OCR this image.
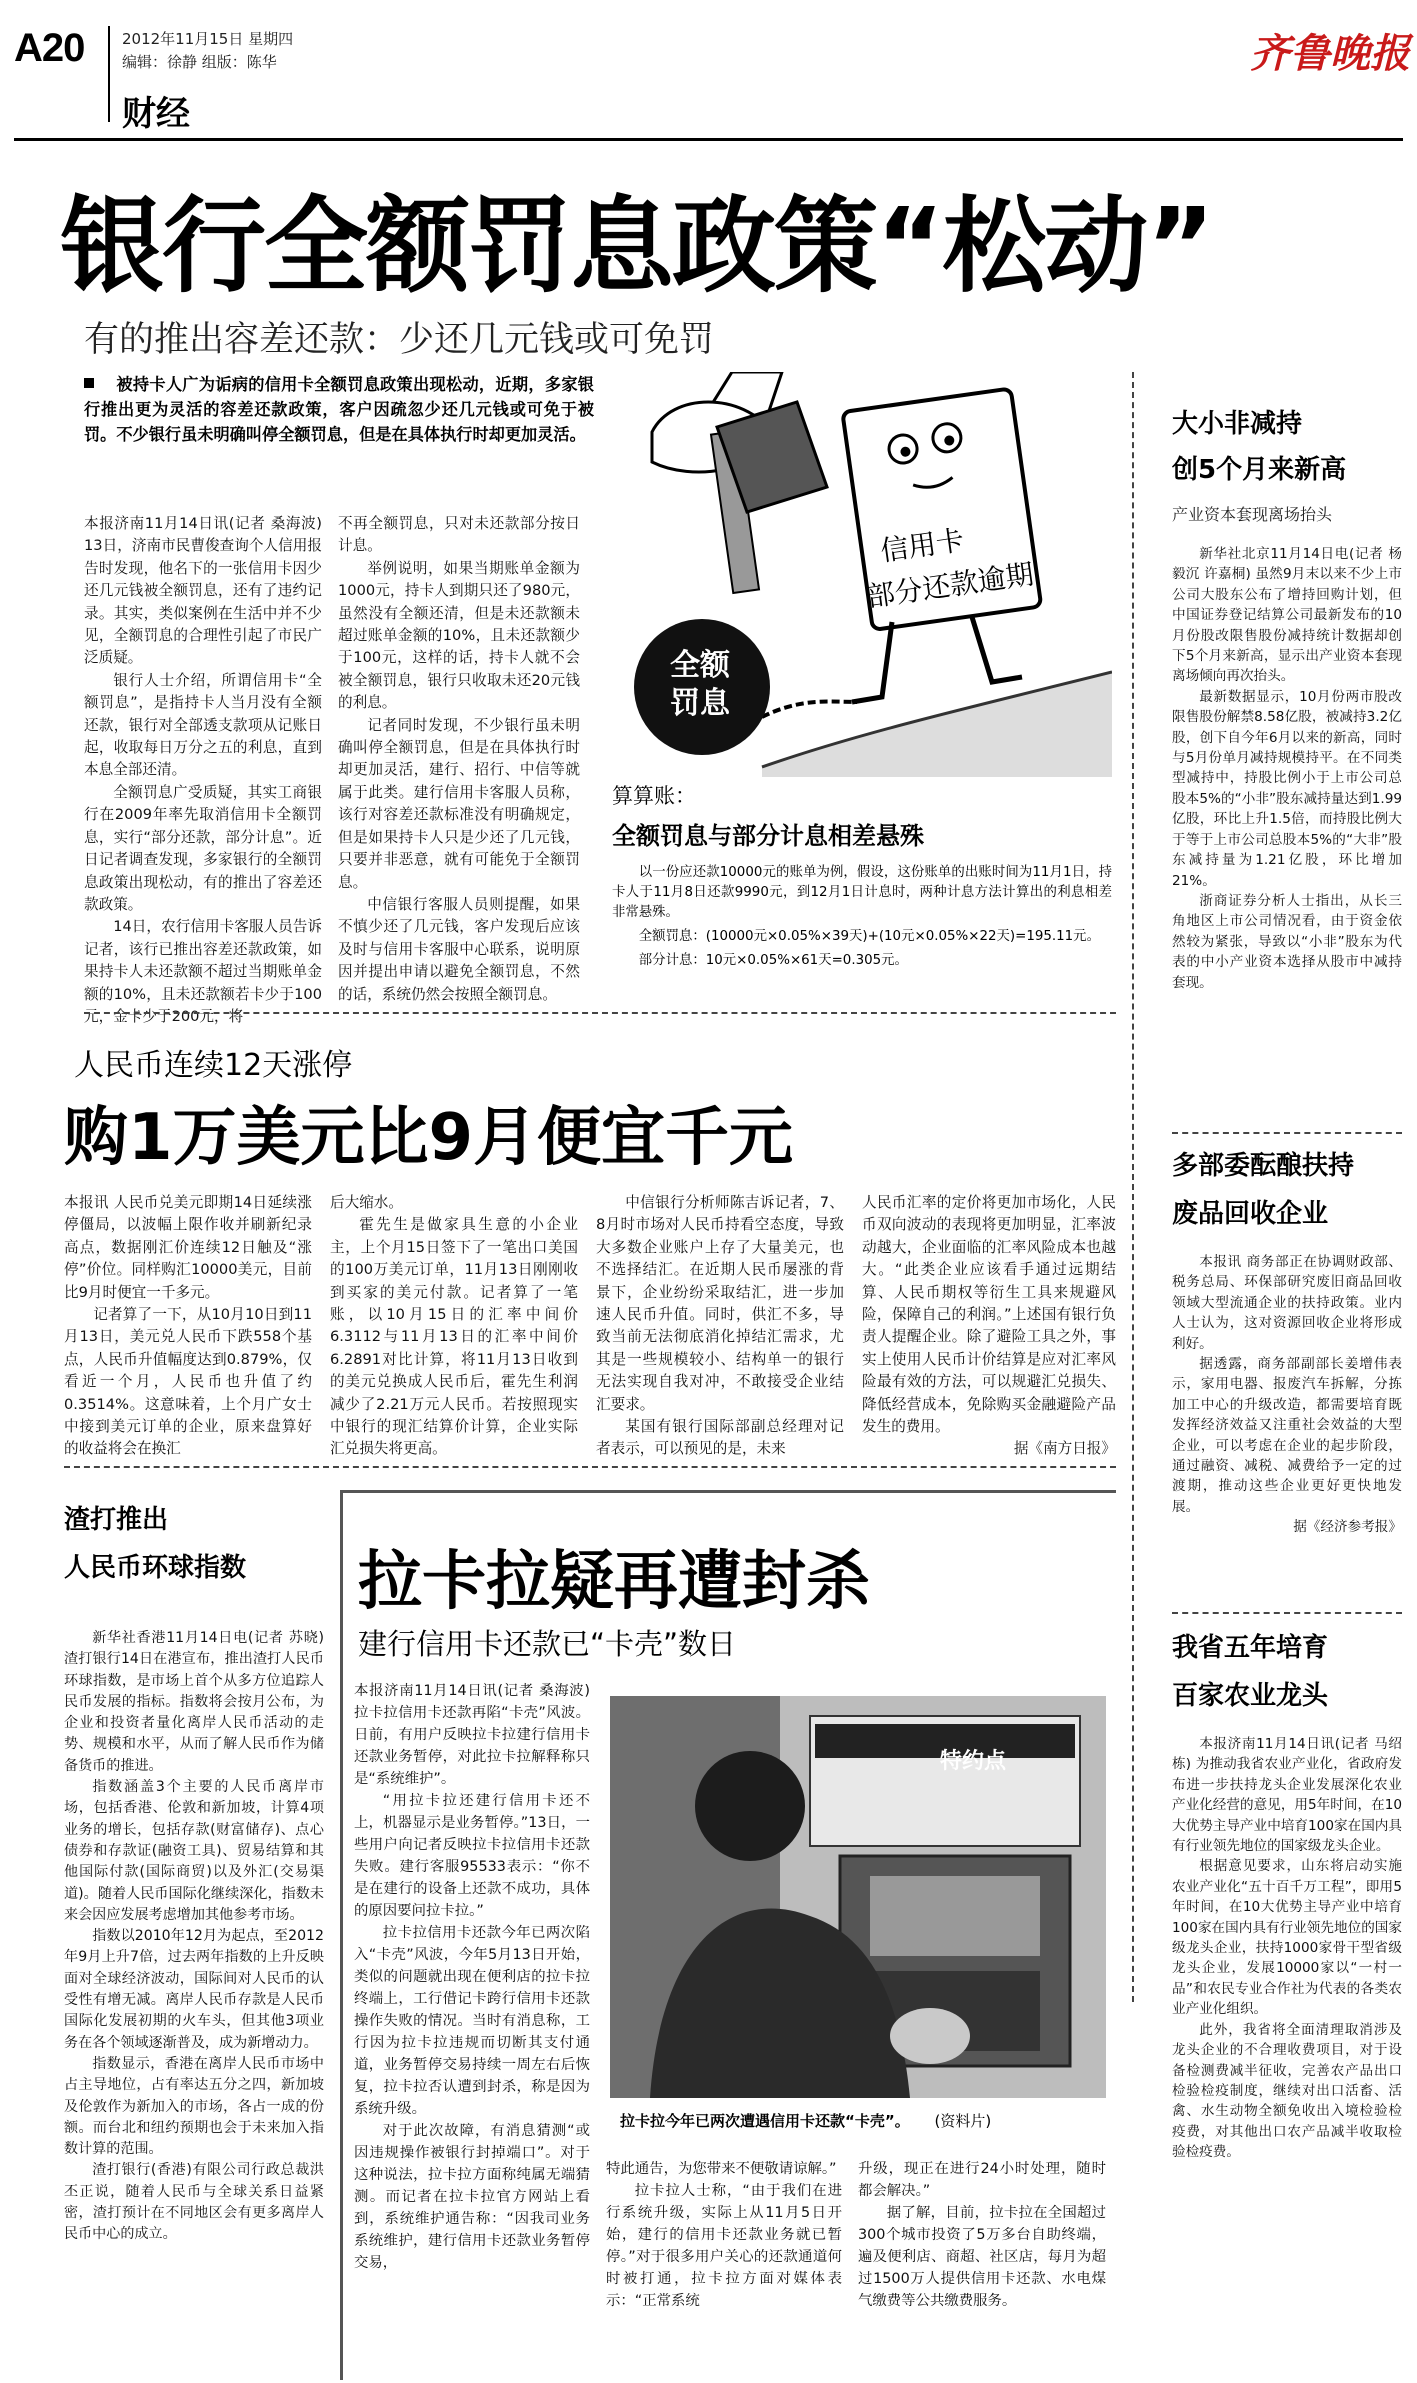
A20	2012年11月15日 星期四
编辑：徐静 组版：陈华
财经
齐鲁晚报
银行全额罚息政策“松动”
有的推出容差还款：少还几元钱或可免罚

被持卡人广为诟病的信用卡全额罚息政策出现松动，近期，多家银行推出更为灵活的容差还款政策，客户因疏忽少还几元钱或可免于被罚。不少银行虽未明确叫停全额罚息，但是在具体执行时却更加灵活。

本报济南11月14日讯(记者 桑海波) 13日，济南市民曹俊查询个人信用报告时发现，他名下的一张信用卡因少还几元钱被全额罚息，还有了违约记录。其实，类似案例在生活中并不少见，全额罚息的合理性引起了市民广泛质疑。

银行人士介绍，所谓信用卡“全额罚息”，是指持卡人当月没有全额还款，银行对全部透支款项从记账日起，收取每日万分之五的利息，直到本息全部还清。

全额罚息广受质疑，其实工商银行在2009年率先取消信用卡全额罚息，实行“部分还款，部分计息”。近日记者调查发现，多家银行的全额罚息政策出现松动，有的推出了容差还款政策。

14日，农行信用卡客服人员告诉记者，该行已推出容差还款政策，如果持卡人未还款额不超过当期账单金额的10%，且未还款额若卡少于100元，金卡少于200元，将

不再全额罚息，只对未还款部分按日计息。

举例说明，如果当期账单金额为1000元，持卡人到期只还了980元，虽然没有全额还清，但是未还款额未超过账单金额的10%，且未还款额少于100元，这样的话，持卡人就不会被全额罚息，银行只收取未还20元钱的利息。

记者同时发现，不少银行虽未明确叫停全额罚息，但是在具体执行时却更加灵活，建行、招行、中信等就属于此类。建行信用卡客服人员称，该行对容差还款标准没有明确规定，但是如果持卡人只是少还了几元钱，只要并非恶意，就有可能免于全额罚息。

中信银行客服人员则提醒，如果不慎少还了几元钱，客户发现后应该及时与信用卡客服中心联系，说明原因并提出申请以避免全额罚息，不然的话，系统仍然会按照全额罚息。

信用卡
部分还款逾期
全额
罚息
算算账：
全额罚息与部分计息相差悬殊

以一份应还款10000元的账单为例，假设，这份账单的出账时间为11月1日，持卡人于11月8日还款9990元，到12月1日计息时，两种计息方法计算出的利息相差非常悬殊。

全额罚息：(10000元×0.05%×39天)+(10元×0.05%×22天)=195.11元。

部分计息：10元×0.05%×61天=0.305元。

人民币连续12天涨停
购1万美元比9月便宜千元

本报讯 人民币兑美元即期14日延续涨停僵局，以波幅上限作收并刷新纪录高点，数据刚汇价连续12日触及“涨停”价位。同样购汇10000美元，目前比9月时便宜一千多元。

记者算了一下，从10月10日到11月13日，美元兑人民币下跌558个基点，人民币升值幅度达到0.879%，仅看近一个月，人民币也升值了约0.3514%。这意味着，上个月广女士中接到美元订单的企业，原来盘算好的收益将会在换汇

后大缩水。

霍先生是做家具生意的小企业主，上个月15日签下了一笔出口美国的100万美元订单，11月13日刚刚收到买家的美元付款。记者算了一笔账，以10月15日的汇率中间价6.3112与11月13日的汇率中间价6.2891对比计算，将11月13日收到的美元兑换成人民币后，霍先生利润减少了2.21万元人民币。若按照现实中银行的现汇结算价计算，企业实际汇兑损失将更高。

中信银行分析师陈吉诉记者，7、8月时市场对人民币持看空态度，导致大多数企业账户上存了大量美元，也不选择结汇。在近期人民币屡涨的背景下，企业纷纷采取结汇，进一步加速人民币升值。同时，供汇不多，导致当前无法彻底消化掉结汇需求，尤其是一些规模较小、结构单一的银行无法实现自我对冲，不敢接受企业结汇要求。

某国有银行国际部副总经理对记者表示，可以预见的是，未来

人民币汇率的定价将更加市场化，人民币双向波动的表现将更加明显，汇率波动越大，企业面临的汇率风险成本也越大。“此类企业应该看手通过远期结算、人民币期权等衍生工具来规避风险，保障自己的利润。”上述国有银行负责人提醒企业。除了避险工具之外，事实上使用人民币计价结算是应对汇率风险最有效的方法，可以规避汇兑损失、降低经营成本，免除购买金融避险产品发生的费用。

据《南方日报》

渣打推出
人民币环球指数

新华社香港11月14日电(记者 苏晓) 渣打银行14日在港宣布，推出渣打人民币环球指数，是市场上首个从多方位追踪人民币发展的指标。指数将会按月公布，为企业和投资者量化离岸人民币活动的走势、规模和水平，从而了解人民币作为储备货币的推进。

指数涵盖3个主要的人民币离岸市场，包括香港、伦敦和新加坡，计算4项业务的增长，包括存款(财富储存)、点心债券和存款证(融资工具)、贸易结算和其他国际付款(国际商贸)以及外汇(交易渠道)。随着人民币国际化继续深化，指数未来会因应发展考虑增加其他参考市场。

指数以2010年12月为起点，至2012年9月上升7倍，过去两年指数的上升反映面对全球经济波动，国际间对人民币的认受性有增无减。离岸人民币存款是人民币国际化发展初期的火车头，但其他3项业务在各个领域逐渐普及，成为新增动力。

指数显示，香港在离岸人民币市场中占主导地位，占有率达五分之四，新加坡及伦敦作为新加入的市场，各占一成的份额。而台北和纽约预期也会于未来加入指数计算的范围。

渣打银行(香港)有限公司行政总裁洪丕正说，随着人民币与全球关系日益紧密，渣打预计在不同地区会有更多离岸人民币中心的成立。

拉卡拉疑再遭封杀
建行信用卡还款已“卡壳”数日

本报济南11月14日讯(记者 桑海波) 拉卡拉信用卡还款再陷“卡壳”风波。日前，有用户反映拉卡拉建行信用卡还款业务暂停，对此拉卡拉解释称只是“系统维护”。

“用拉卡拉还建行信用卡还不上，机器显示是业务暂停。”13日，一些用户向记者反映拉卡拉信用卡还款失败。建行客服95533表示：“你不是在建行的设备上还款不成功，具体的原因要问拉卡拉。”

拉卡拉信用卡还款今年已两次陷入“卡壳”风波，今年5月13日开始，类似的问题就出现在便利店的拉卡拉终端上，工行借记卡跨行信用卡还款操作失败的情况。当时有消息称，工行因为拉卡拉违规而切断其支付通道，业务暂停交易持续一周左右后恢复，拉卡拉否认遭到封杀，称是因为系统升级。

对于此次故障，有消息猜测“或因违规操作被银行封掉端口”。对于这种说法，拉卡拉方面称纯属无端猜测。而记者在拉卡拉官方网站上看到，系统维护通告称：“因我司业务系统维护，建行信用卡还款业务暂停交易，

特约点
拉卡拉今年已两次遭遇信用卡还款“卡壳”。 (资料片)

特此通告，为您带来不便敬请谅解。”

拉卡拉人士称，“由于我们在进行系统升级，实际上从11月5日开始，建行的信用卡还款业务就已暂停。”对于很多用户关心的还款通道何时被打通，拉卡拉方面对媒体表示：“正常系统

升级，现正在进行24小时处理，随时都会解决。”

据了解，目前，拉卡拉在全国超过300个城市投资了5万多台自助终端，遍及便利店、商超、社区店，每月为超过1500万人提供信用卡还款、水电煤气缴费等公共缴费服务。

大小非减持
创5个月来新高
产业资本套现离场抬头

新华社北京11月14日电(记者 杨毅沉 许嘉桐) 虽然9月末以来不少上市公司大股东公布了增持回购计划，但中国证券登记结算公司最新发布的10月份股改限售股份减持统计数据却创下5个月来新高，显示出产业资本套现离场倾向再次抬头。

最新数据显示，10月份两市股改限售股份解禁8.58亿股，被减持3.2亿股，创下自今年6月以来的新高，同时与5月份单月减持规模持平。在不同类型减持中，持股比例小于上市公司总股本5%的“小非”股东减持量达到1.99亿股，环比上升1.5倍，而持股比例大于等于上市公司总股本5%的“大非”股东减持量为1.21亿股，环比增加21%。

浙商证券分析人士指出，从长三角地区上市公司情况看，由于资金依然较为紧张，导致以“小非”股东为代表的中小产业资本选择从股市中减持套现。

多部委酝酿扶持
废品回收企业

本报讯 商务部正在协调财政部、税务总局、环保部研究废旧商品回收领域大型流通企业的扶持政策。业内人士认为，这对资源回收企业将形成利好。

据透露，商务部副部长姜增伟表示，家用电器、报废汽车拆解，分拣加工中心的升级改造，都需要培育既发挥经济效益又注重社会效益的大型企业，可以考虑在企业的起步阶段，通过融资、减税、减费给予一定的过渡期，推动这些企业更好更快地发展。

据《经济参考报》

我省五年培育
百家农业龙头

本报济南11月14日讯(记者 马绍栋) 为推动我省农业产业化，省政府发布进一步扶持龙头企业发展深化农业产业化经营的意见，用5年时间，在10大优势主导产业中培育100家在国内具有行业领先地位的国家级龙头企业。

根据意见要求，山东将启动实施农业产业化“五十百千万工程”，即用5年时间，在10大优势主导产业中培育100家在国内具有行业领先地位的国家级龙头企业，扶持1000家骨干型省级龙头企业，发展10000家以“一村一品”和农民专业合作社为代表的各类农业产业化组织。

此外，我省将全面清理取消涉及龙头企业的不合理收费项目，对于设备检测费减半征收，完善农产品出口检验检疫制度，继续对出口活畜、活禽、水生动物全额免收出入境检验检疫费，对其他出口农产品减半收取检验检疫费。
